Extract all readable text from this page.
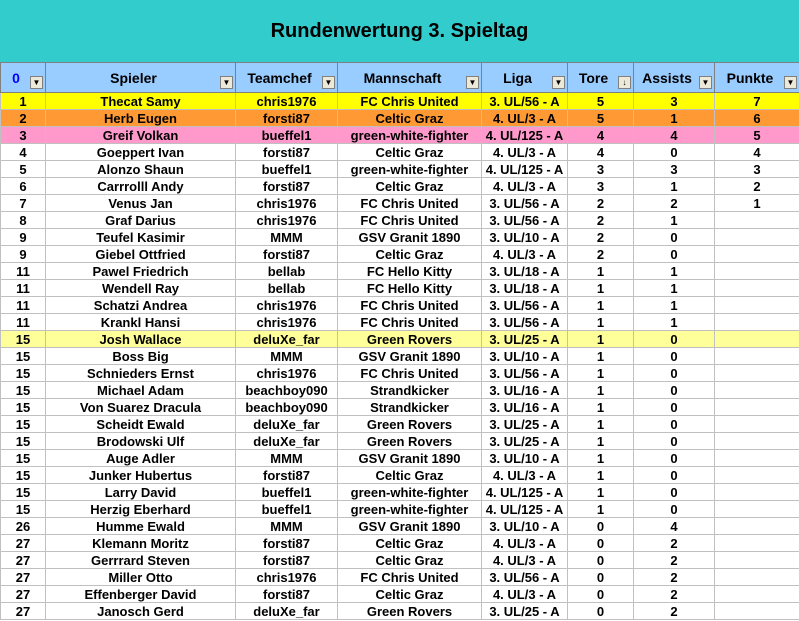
Rundenwertung 3. Spieltag
0 ▼	Spieler ▼	Teamchef ▼	Mannschaft ▼	Liga ▼	Tore ↓	Assists ▼	Punkte ▼

1	Thecat Samy	chris1976	FC Chris United	3. UL/56 - A	5	3	7
2	Herb Eugen	forsti87	Celtic Graz	4. UL/3 - A	5	1	6
3	Greif Volkan	bueffel1	green-white-fighter	4. UL/125 - A	4	4	5
4	Goeppert Ivan	forsti87	Celtic Graz	4. UL/3 - A	4	0	4
5	Alonzo Shaun	bueffel1	green-white-fighter	4. UL/125 - A	3	3	3
6	Carrrolll Andy	forsti87	Celtic Graz	4. UL/3 - A	3	1	2
7	Venus Jan	chris1976	FC Chris United	3. UL/56 - A	2	2	1
8	Graf Darius	chris1976	FC Chris United	3. UL/56 - A	2	1	
9	Teufel Kasimir	MMM	GSV Granit 1890	3. UL/10 - A	2	0	
9	Giebel Ottfried	forsti87	Celtic Graz	4. UL/3 - A	2	0	
11	Pawel Friedrich	bellab	FC Hello Kitty	3. UL/18 - A	1	1	
11	Wendell Ray	bellab	FC Hello Kitty	3. UL/18 - A	1	1	
11	Schatzi Andrea	chris1976	FC Chris United	3. UL/56 - A	1	1	
11	Krankl Hansi	chris1976	FC Chris United	3. UL/56 - A	1	1	
15	Josh Wallace	deluXe_far	Green Rovers	3. UL/25 - A	1	0	
15	Boss Big	MMM	GSV Granit 1890	3. UL/10 - A	1	0	
15	Schnieders Ernst	chris1976	FC Chris United	3. UL/56 - A	1	0	
15	Michael Adam	beachboy090	Strandkicker	3. UL/16 - A	1	0	
15	Von Suarez Dracula	beachboy090	Strandkicker	3. UL/16 - A	1	0	
15	Scheidt Ewald	deluXe_far	Green Rovers	3. UL/25 - A	1	0	
15	Brodowski Ulf	deluXe_far	Green Rovers	3. UL/25 - A	1	0	
15	Auge Adler	MMM	GSV Granit 1890	3. UL/10 - A	1	0	
15	Junker Hubertus	forsti87	Celtic Graz	4. UL/3 - A	1	0	
15	Larry David	bueffel1	green-white-fighter	4. UL/125 - A	1	0	
15	Herzig Eberhard	bueffel1	green-white-fighter	4. UL/125 - A	1	0	
26	Humme Ewald	MMM	GSV Granit 1890	3. UL/10 - A	0	4	
27	Klemann Moritz	forsti87	Celtic Graz	4. UL/3 - A	0	2	
27	Gerrrard Steven	forsti87	Celtic Graz	4. UL/3 - A	0	2	
27	Miller Otto	chris1976	FC Chris United	3. UL/56 - A	0	2	
27	Effenberger David	forsti87	Celtic Graz	4. UL/3 - A	0	2	
27	Janosch Gerd	deluXe_far	Green Rovers	3. UL/25 - A	0	2	
